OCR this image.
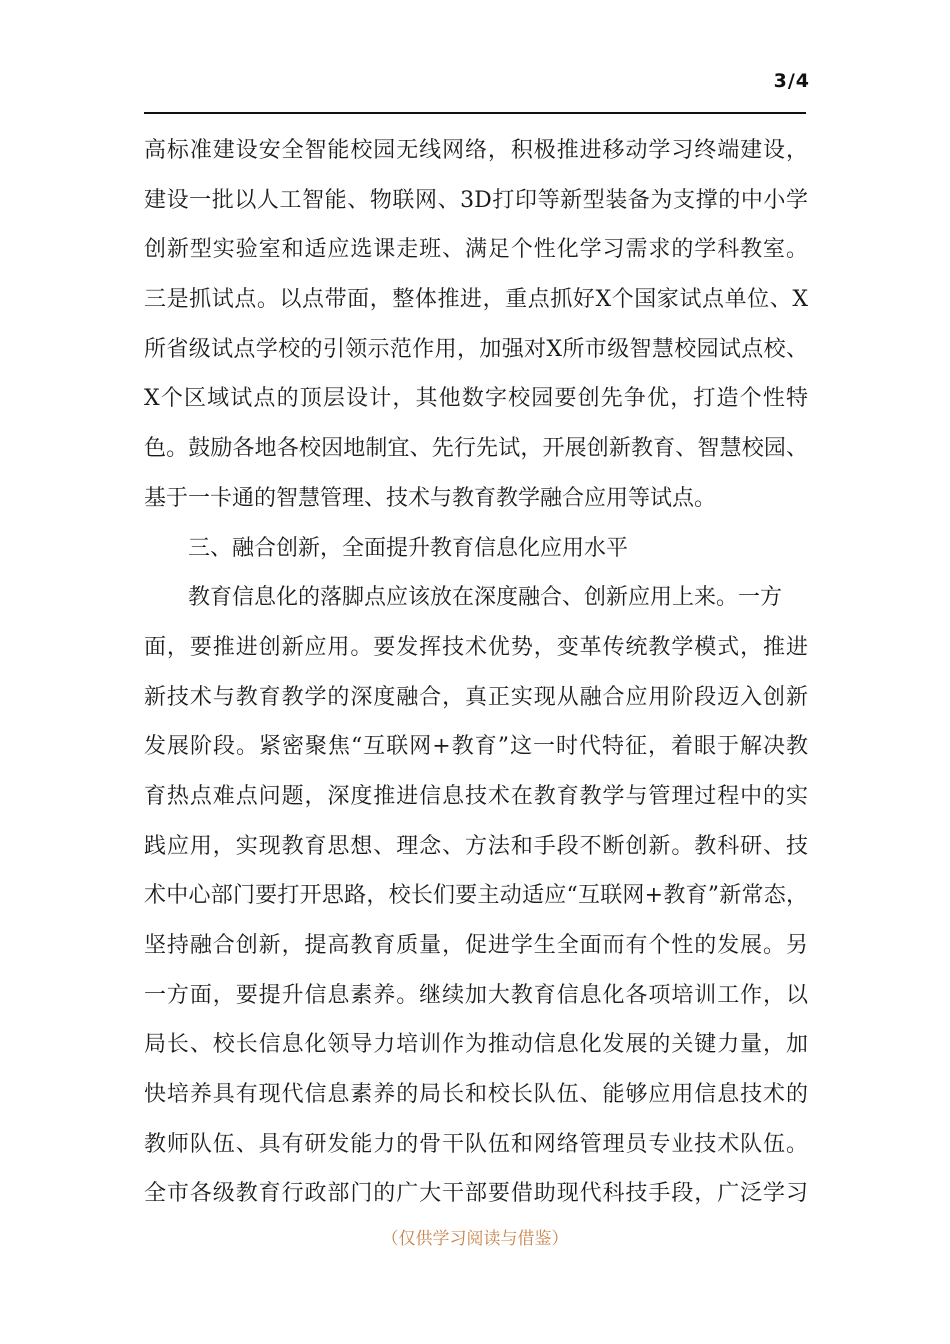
3/4
高标准建设安全智能校园无线网络，积极推进移动学习终端建设，
建设一批以人工智能、物联网、3D打印等新型装备为支撑的中小学
创新型实验室和适应选课走班、满足个性化学习需求的学科教室。
三是抓试点。以点带面，整体推进，重点抓好X个国家试点单位、X
所省级试点学校的引领示范作用，加强对X所市级智慧校园试点校、
X个区域试点的顶层设计，其他数字校园要创先争优，打造个性特
色。鼓励各地各校因地制宜、先行先试，开展创新教育、智慧校园、
基于一卡通的智慧管理、技术与教育教学融合应用等试点。
三、融合创新，全面提升教育信息化应用水平
教育信息化的落脚点应该放在深度融合、创新应用上来。一方
面，要推进创新应用。要发挥技术优势，变革传统教学模式，推进
新技术与教育教学的深度融合，真正实现从融合应用阶段迈入创新
发展阶段。紧密聚焦“互联网+教育”这一时代特征，着眼于解决教
育热点难点问题，深度推进信息技术在教育教学与管理过程中的实
践应用，实现教育思想、理念、方法和手段不断创新。教科研、技
术中心部门要打开思路，校长们要主动适应“互联网+教育”新常态，
坚持融合创新，提高教育质量，促进学生全面而有个性的发展。另
一方面，要提升信息素养。继续加大教育信息化各项培训工作，以
局长、校长信息化领导力培训作为推动信息化发展的关键力量，加
快培养具有现代信息素养的局长和校长队伍、能够应用信息技术的
教师队伍、具有研发能力的骨干队伍和网络管理员专业技术队伍。
全市各级教育行政部门的广大干部要借助现代科技手段，广泛学习
（仅供学习阅读与借鉴）
